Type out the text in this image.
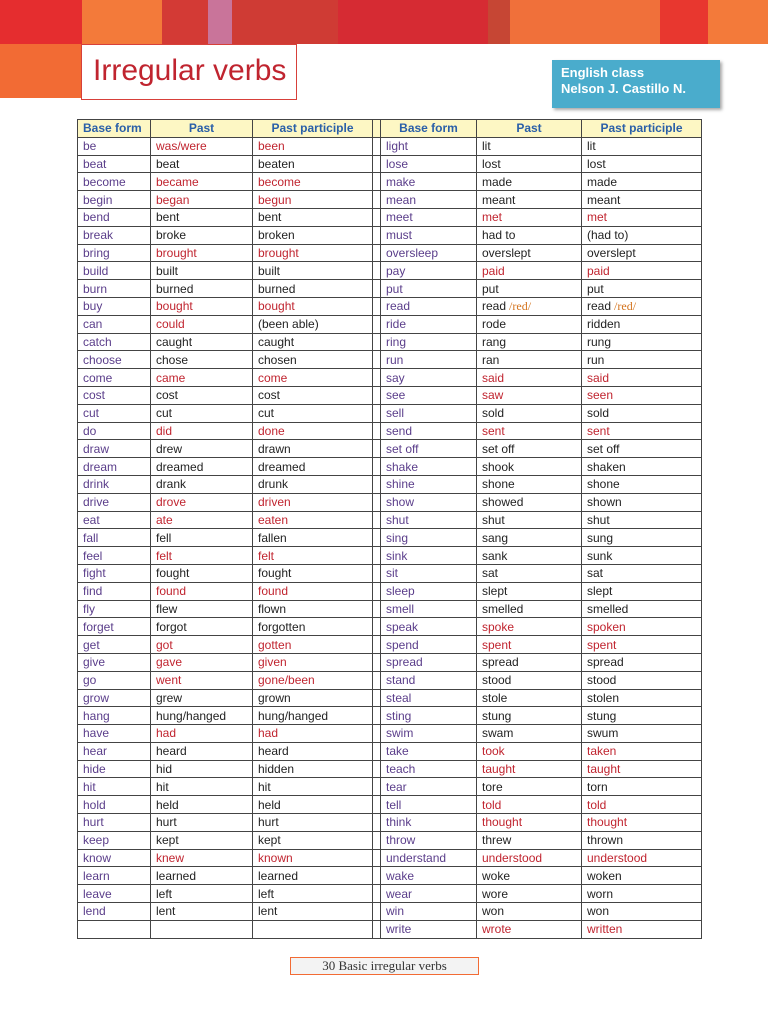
Irregular verbs	English class
Nelson J. Castillo N.
Base form	Past	Past participle		Base form	Past	Past participle
be	was/were	been		light	lit	lit
beat	beat	beaten		lose	lost	lost
become	became	become		make	made	made
begin	began	begun		mean	meant	meant
bend	bent	bent		meet	met	met
break	broke	broken		must	had to	(had to)
bring	brought	brought		oversleep	overslept	overslept
build	built	built		pay	paid	paid
burn	burned	burned		put	put	put
buy	bought	bought		read	read /red/	read /red/
can	could	(been able)		ride	rode	ridden
catch	caught	caught		ring	rang	rung
choose	chose	chosen		run	ran	run
come	came	come		say	said	said
cost	cost	cost		see	saw	seen
cut	cut	cut		sell	sold	sold
do	did	done		send	sent	sent
draw	drew	drawn		set off	set off	set off
dream	dreamed	dreamed		shake	shook	shaken
drink	drank	drunk		shine	shone	shone
drive	drove	driven		show	showed	shown
eat	ate	eaten		shut	shut	shut
fall	fell	fallen		sing	sang	sung
feel	felt	felt		sink	sank	sunk
fight	fought	fought		sit	sat	sat
find	found	found		sleep	slept	slept
fly	flew	flown		smell	smelled	smelled
forget	forgot	forgotten		speak	spoke	spoken
get	got	gotten		spend	spent	spent
give	gave	given		spread	spread	spread
go	went	gone/been		stand	stood	stood
grow	grew	grown		steal	stole	stolen
hang	hung/hanged	hung/hanged		sting	stung	stung
have	had	had		swim	swam	swum
hear	heard	heard		take	took	taken
hide	hid	hidden		teach	taught	taught
hit	hit	hit		tear	tore	torn
hold	held	held		tell	told	told
hurt	hurt	hurt		think	thought	thought
keep	kept	kept		throw	threw	thrown
know	knew	known		understand	understood	understood
learn	learned	learned		wake	woke	woken
leave	left	left		wear	wore	worn
lend	lent	lent		win	won	won
				write	wrote	written
30 Basic irregular verbs
